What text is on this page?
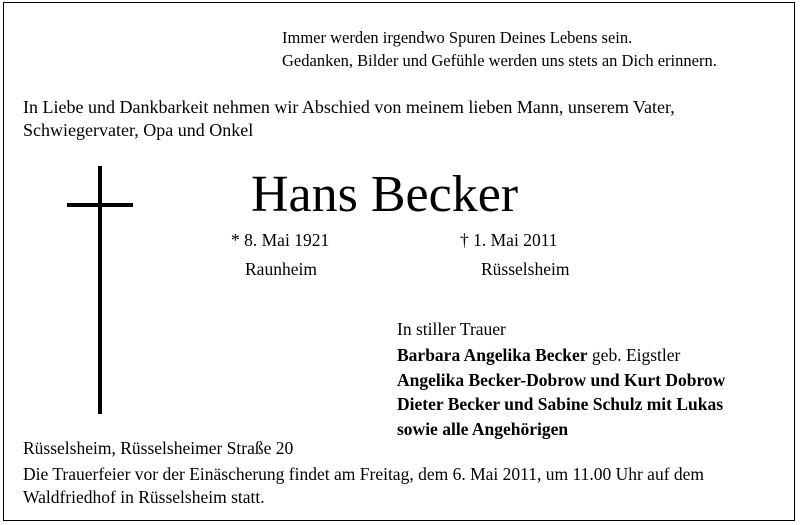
Immer werden irgendwo Spuren Deines Lebens sein.
Gedanken, Bilder und Gefühle werden uns stets an Dich erinnern.
In Liebe und Dankbarkeit nehmen wir Abschied von meinem lieben Mann, unserem Vater,
Schwiegervater, Opa und Onkel
Hans Becker
* 8. Mai 1921
Raunheim
† 1. Mai 2011
Rüsselsheim
In stiller Trauer
Barbara Angelika Becker geb. Eigstler
Angelika Becker-Dobrow und Kurt Dobrow
Dieter Becker und Sabine Schulz mit Lukas
sowie alle Angehörigen
Rüsselsheim, Rüsselsheimer Straße 20
Die Trauerfeier vor der Einäscherung findet am Freitag, dem 6. Mai 2011, um 11.00 Uhr auf dem
Waldfriedhof in Rüsselsheim statt.
